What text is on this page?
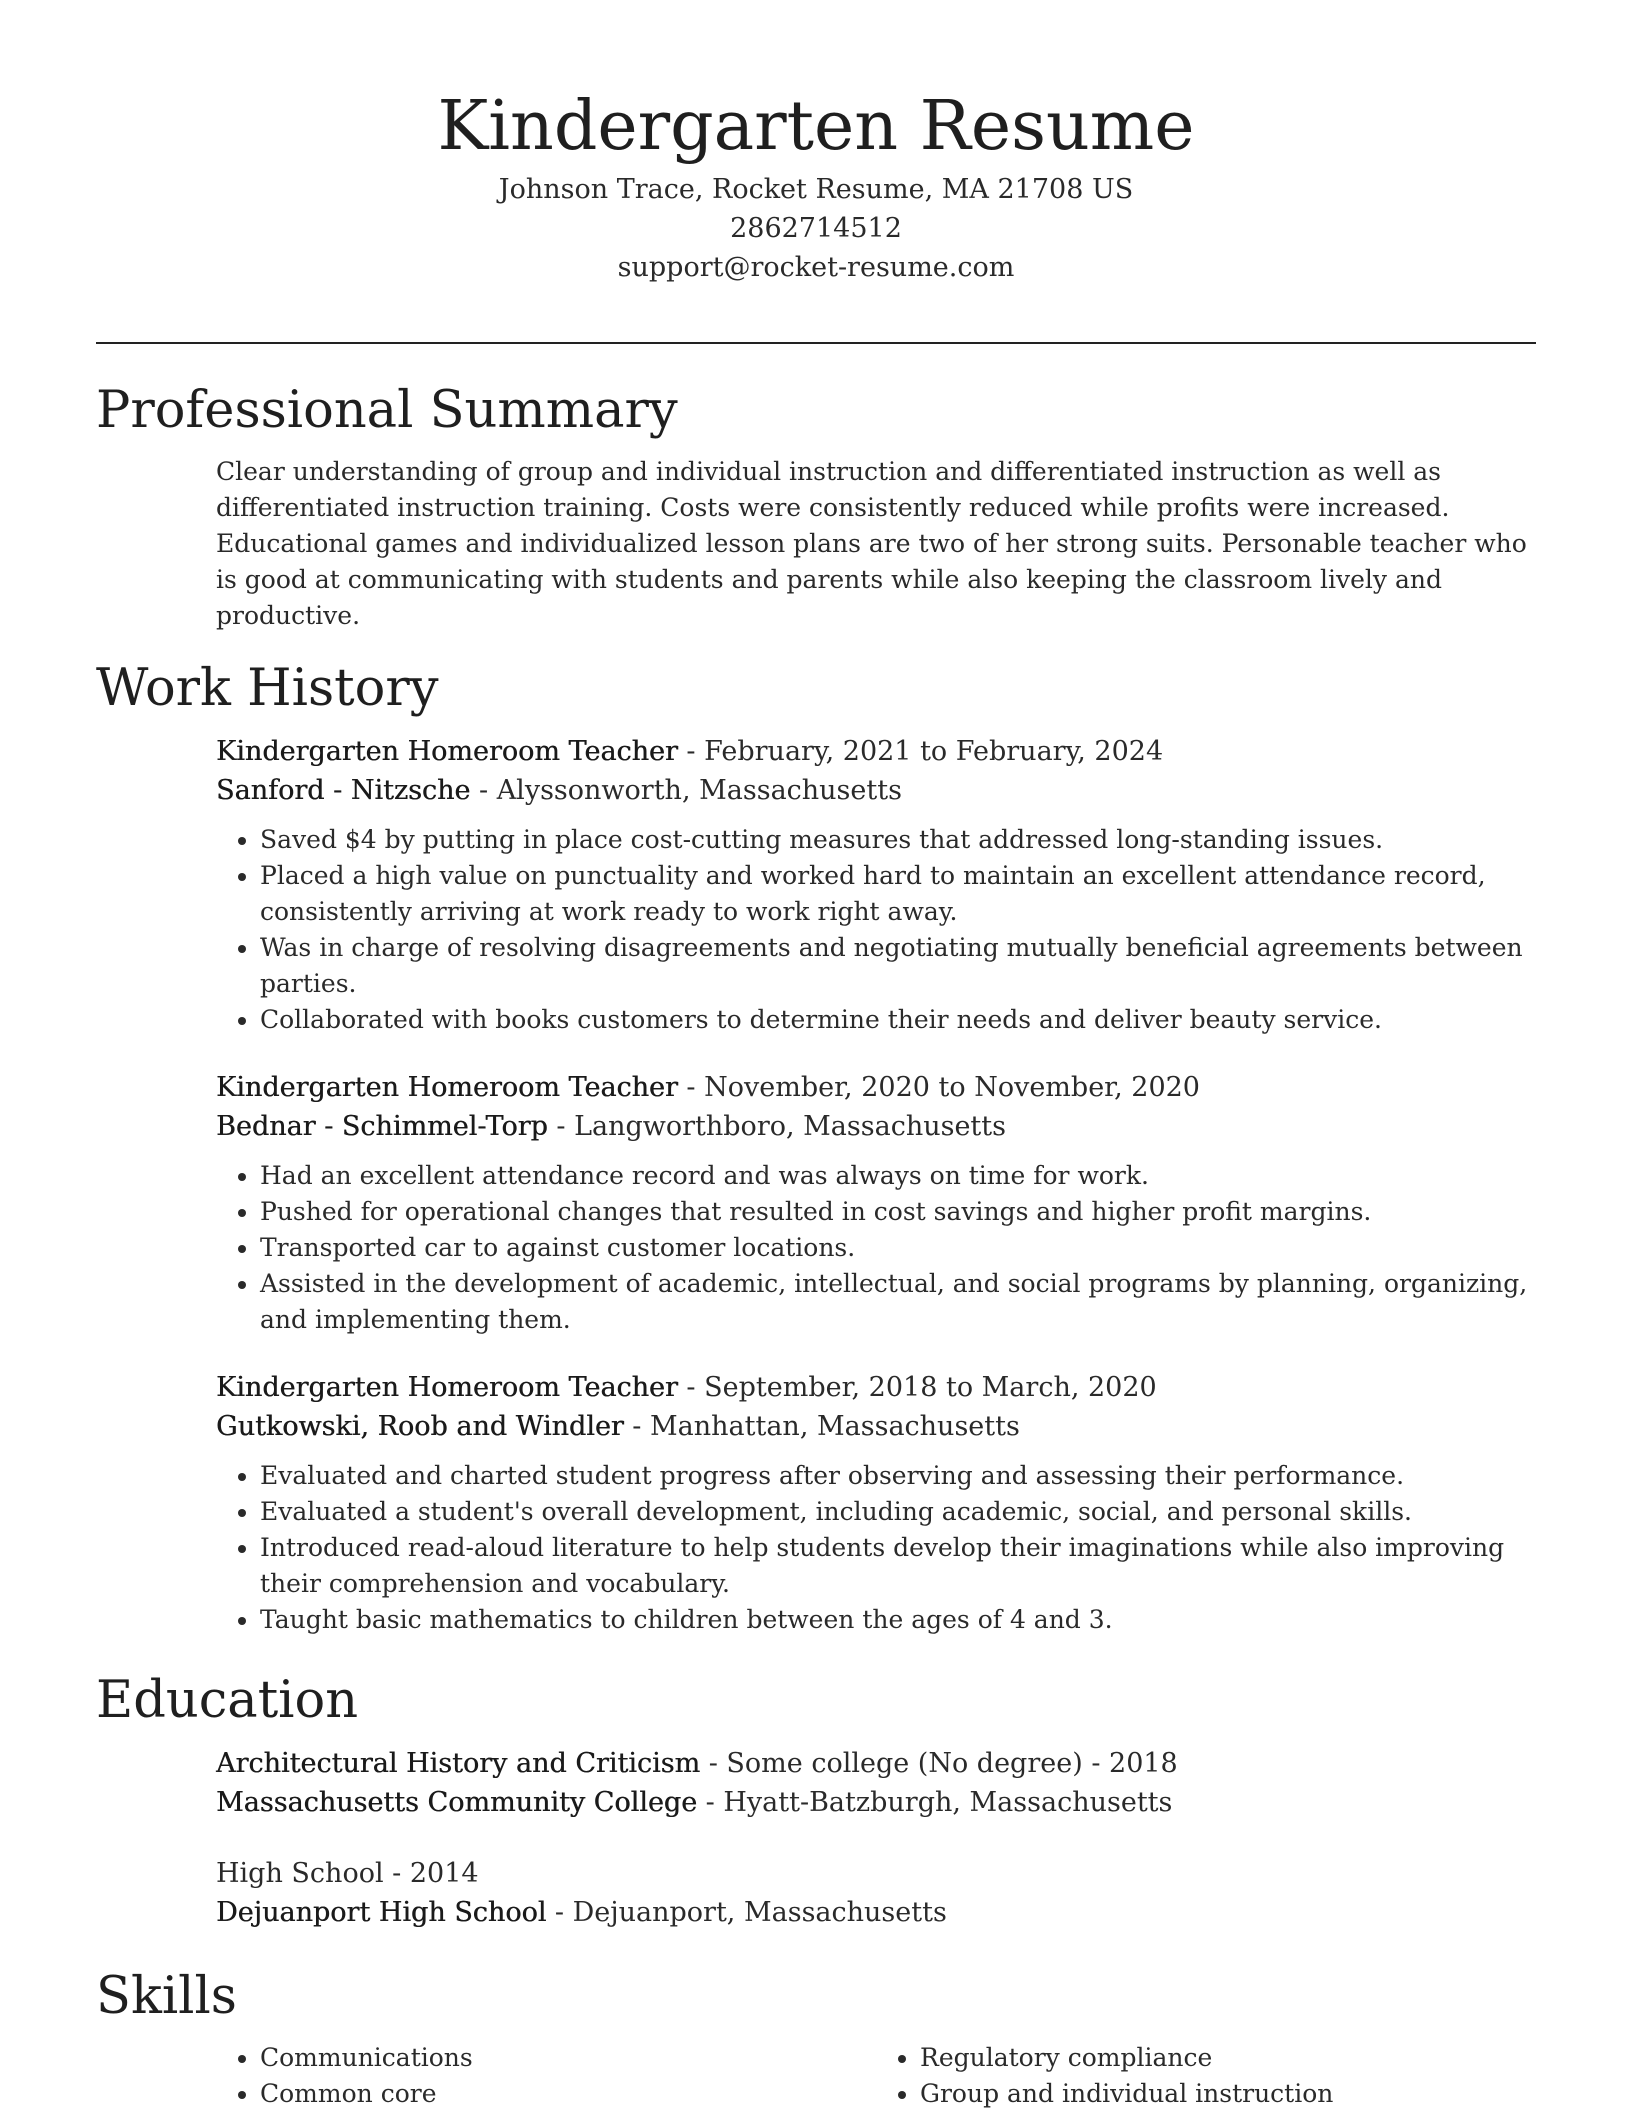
Kindergarten Resume
Johnson Trace, Rocket Resume, MA 21708 US
2862714512
support@rocket-resume.com
Professional Summary

Clear understanding of group and individual instruction and differentiated instruction as well as differentiated instruction training. Costs were consistently reduced while profits were increased. Educational games and individualized lesson plans are two of her strong suits. Personable teacher who is good at communicating with students and parents while also keeping the classroom lively and productive.

Work History
Kindergarten Homeroom Teacher - February, 2021 to February, 2024
Sanford - Nitzsche - Alyssonworth, Massachusetts
• Saved $4 by putting in place cost-cutting measures that addressed long-standing issues.
• Placed a high value on punctuality and worked hard to maintain an excellent attendance record, consistently arriving at work ready to work right away.
• Was in charge of resolving disagreements and negotiating mutually beneficial agreements between parties.
• Collaborated with books customers to determine their needs and deliver beauty service.
Kindergarten Homeroom Teacher - November, 2020 to November, 2020
Bednar - Schimmel-Torp - Langworthboro, Massachusetts
• Had an excellent attendance record and was always on time for work.
• Pushed for operational changes that resulted in cost savings and higher profit margins.
• Transported car to against customer locations.
• Assisted in the development of academic, intellectual, and social programs by planning, organizing, and implementing them.
Kindergarten Homeroom Teacher - September, 2018 to March, 2020
Gutkowski, Roob and Windler - Manhattan, Massachusetts
• Evaluated and charted student progress after observing and assessing their performance.
• Evaluated a student's overall development, including academic, social, and personal skills.
• Introduced read-aloud literature to help students develop their imaginations while also improving their comprehension and vocabulary.
• Taught basic mathematics to children between the ages of 4 and 3.
Education
Architectural History and Criticism - Some college (No degree) - 2018
Massachusetts Community College - Hyatt-Batzburgh, Massachusetts
High School - 2014
Dejuanport High School - Dejuanport, Massachusetts
Skills
• Communications
• Common core
• Regulatory compliance
• Group and individual instruction
